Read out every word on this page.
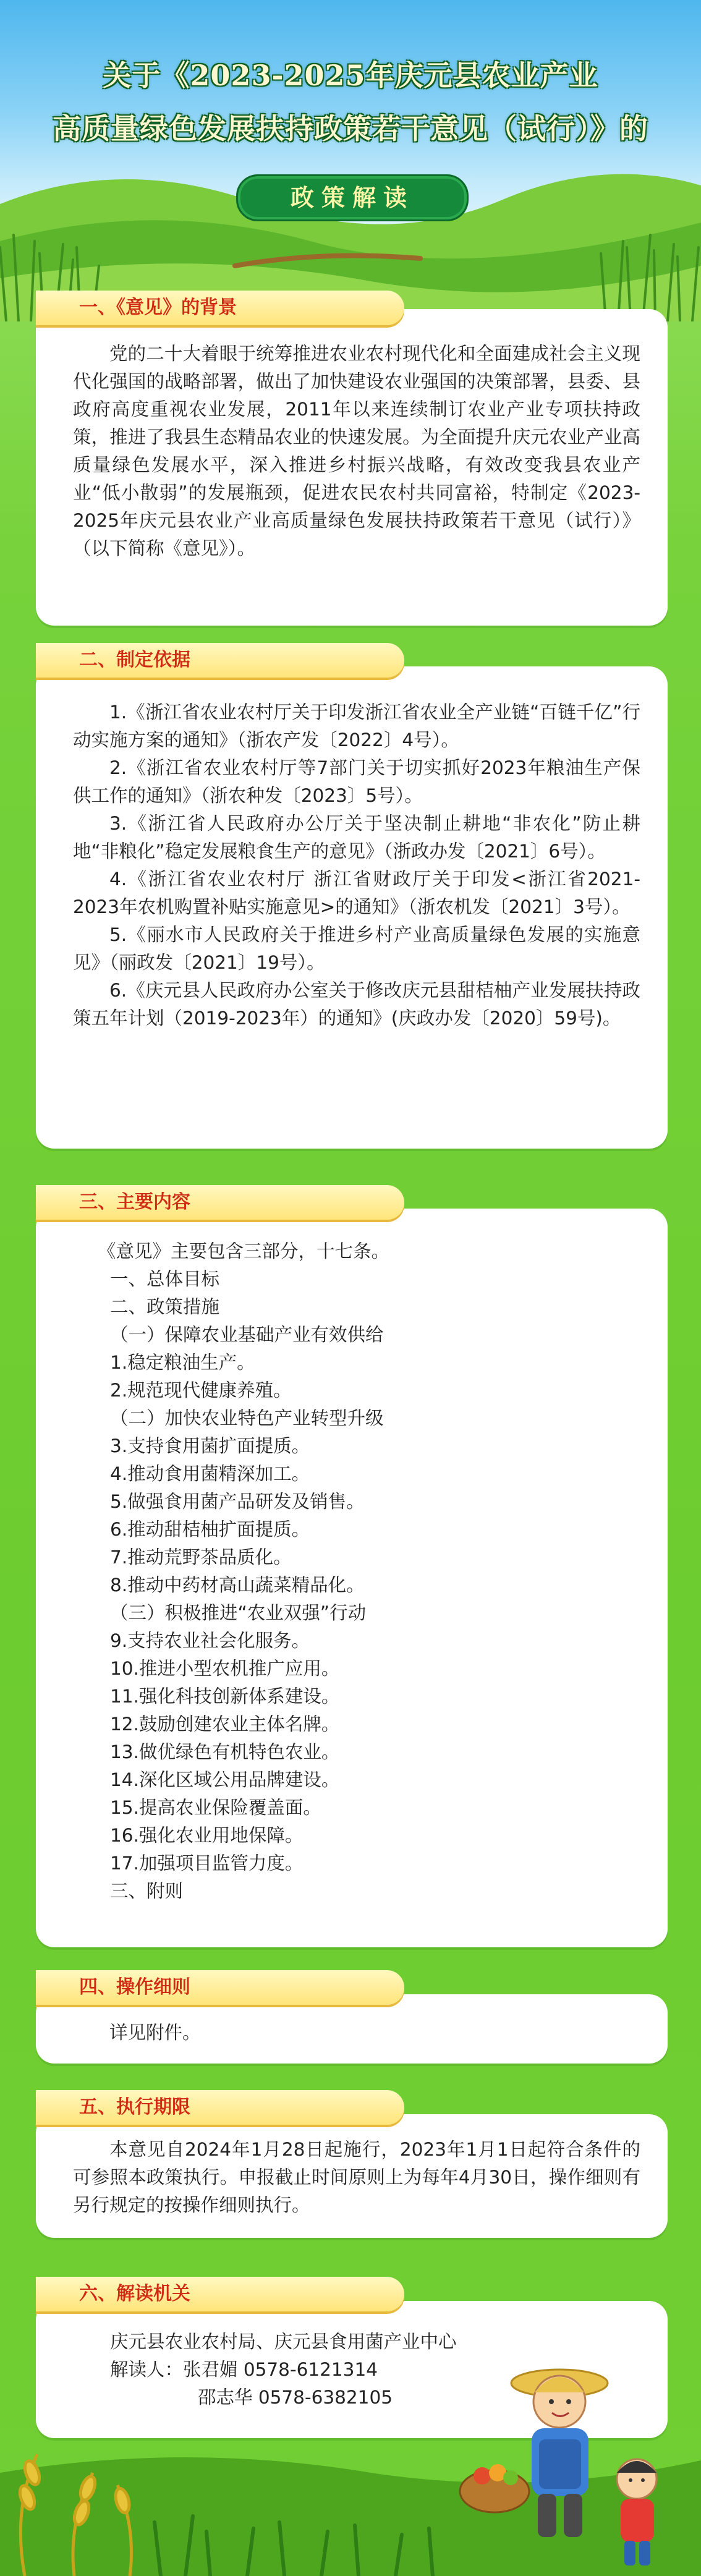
关于《2023-2025年庆元县农业产业
高质量绿色发展扶持政策若干意见（试行）》的
政策解读
一、《意见》的背景

党的二十大着眼于统筹推进农业农村现代化和全面建成社会主义现代化强国的战略部署，做出了加快建设农业强国的决策部署，县委、县政府高度重视农业发展，2011年以来连续制订农业产业专项扶持政策，推进了我县生态精品农业的快速发展。为全面提升庆元农业产业高质量绿色发展水平，深入推进乡村振兴战略，有效改变我县农业产业“低小散弱”的发展瓶颈，促进农民农村共同富裕，特制定《2023-2025年庆元县农业产业高质量绿色发展扶持政策若干意见（试行）》（以下简称《意见》）。

二、制定依据

1.《浙江省农业农村厅关于印发浙江省农业全产业链“百链千亿”行动实施方案的通知》（浙农产发〔2022〕4号）。

2.《浙江省农业农村厅等7部门关于切实抓好2023年粮油生产保供工作的通知》（浙农种发〔2023〕5号）。

3.《浙江省人民政府办公厅关于坚决制止耕地“非农化”防止耕地“非粮化”稳定发展粮食生产的意见》（浙政办发〔2021〕6号）。

4.《浙江省农业农村厅 浙江省财政厅关于印发<浙江省2021-2023年农机购置补贴实施意见>的通知》（浙农机发〔2021〕3号）。

5.《丽水市人民政府关于推进乡村产业高质量绿色发展的实施意见》（丽政发〔2021〕19号）。

6.《庆元县人民政府办公室关于修改庆元县甜桔柚产业发展扶持政策五年计划（2019-2023年）的通知》(庆政办发〔2020〕59号)。

三、主要内容
《意见》主要包含三部分，十七条。
一、总体目标
二、政策措施
（一）保障农业基础产业有效供给
1.稳定粮油生产。
2.规范现代健康养殖。
（二）加快农业特色产业转型升级
3.支持食用菌扩面提质。
4.推动食用菌精深加工。
5.做强食用菌产品研发及销售。
6.推动甜桔柚扩面提质。
7.推动荒野茶品质化。
8.推动中药材高山蔬菜精品化。
（三）积极推进“农业双强”行动
9.支持农业社会化服务。
10.推进小型农机推广应用。
11.强化科技创新体系建设。
12.鼓励创建农业主体名牌。
13.做优绿色有机特色农业。
14.深化区域公用品牌建设。
15.提高农业保险覆盖面。
16.强化农业用地保障。
17.加强项目监管力度。
三、附则
四、操作细则

详见附件。

五、执行期限

本意见自2024年1月28日起施行，2023年1月1日起符合条件的可参照本政策执行。申报截止时间原则上为每年4月30日，操作细则有另行规定的按操作细则执行。

六、解读机关
庆元县农业农村局、庆元县食用菌产业中心
解读人：张君媚 0578-6121314
邵志华 0578-6382105
